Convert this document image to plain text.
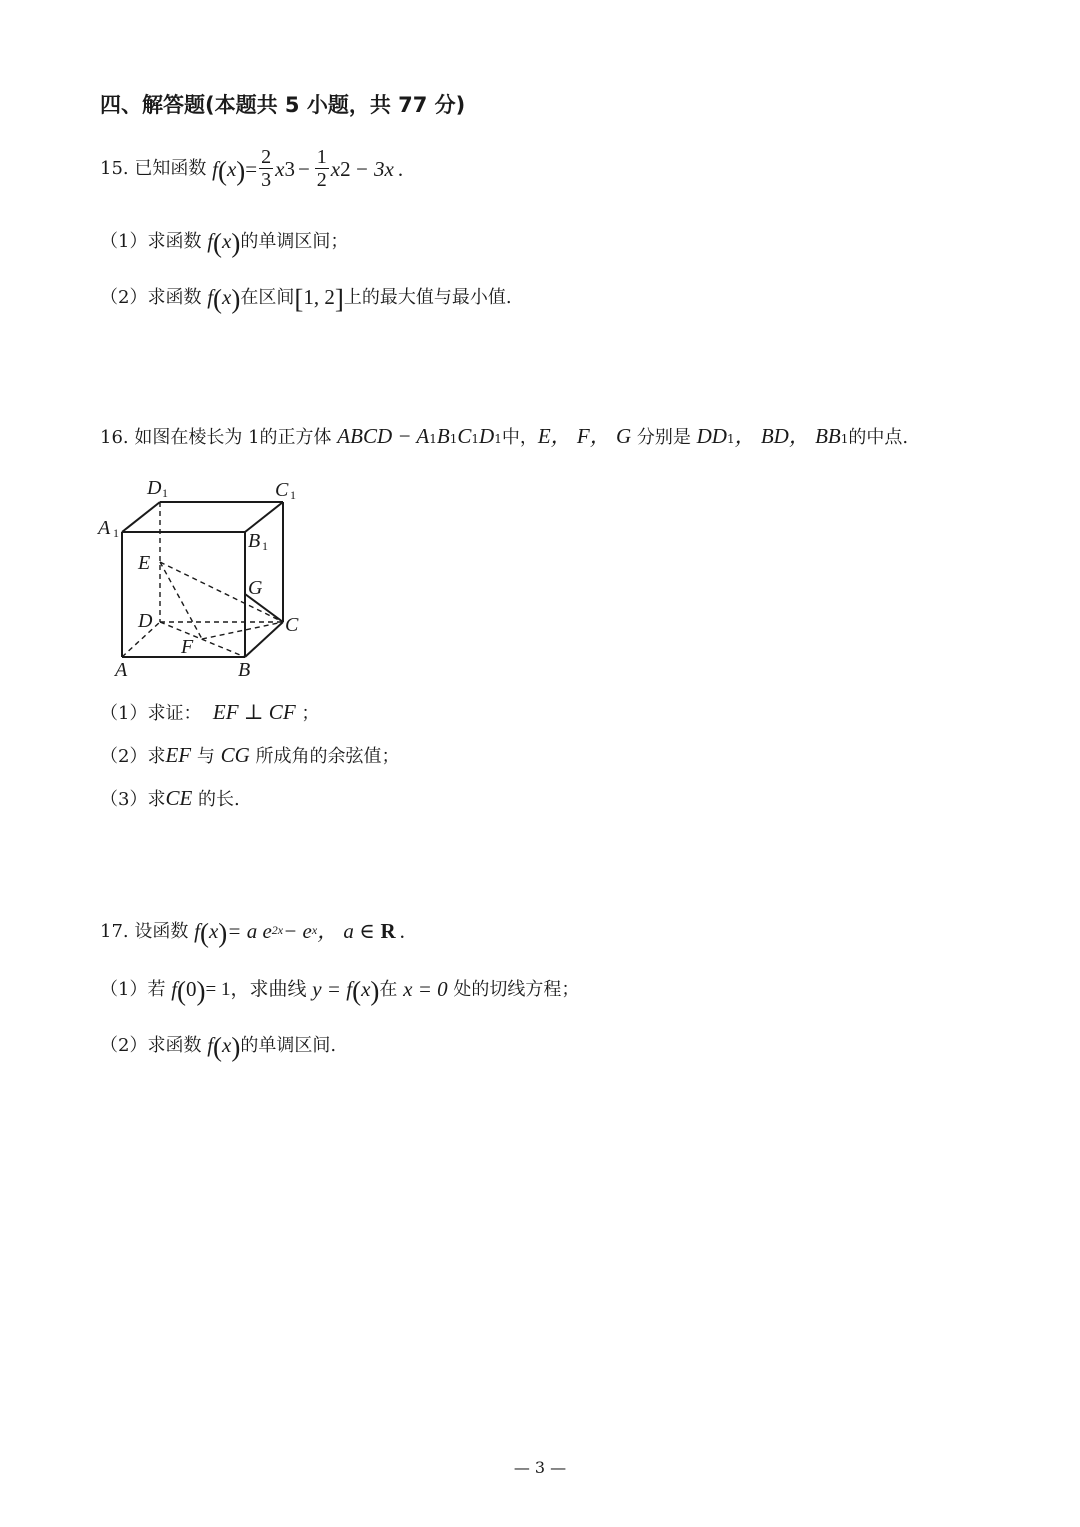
四、解答题(本题共 5 小题，共 77 分)
15.
已知函数
f ( x ) = $\frac{2}{3}$ x $3 - \frac{1}{2}$ x 2 − 3x .
（1）求函数
f ( x ) 的单调区间；
（2）求函数
f ( x ) 在区间 [ 1, 2 ] 上的最大值与最小值.
16.
如图在棱长为 1的正方体
ABCD − A 1 B 1 C 1 D 1 中， E， F， G
分别是
DD 1 ， BD， BB 1 的中点.
D 1	C 1
A 1	B 1
E
G
D	C
F
A	B
（1）求证：
EF ⊥ CF
；
（2）求 EF
与
CG
所成角的余弦值；
（3）求 CE
的长.
17.
设函数
f ( x ) = a $e^{2x} - e^x$ ， a ∈
R .
（1）若
f ( 0 ) = 1，求曲线
y = f ( x ) 在
x = 0
处的切线方程；
（2）求函数
f ( x ) 的单调区间.
— 3 —
